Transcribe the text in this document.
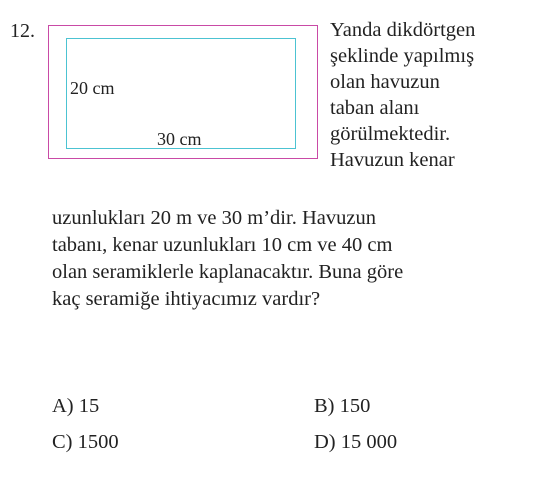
12.
20 cm
30 cm
Yanda dikdörtgen
şeklinde yapılmış
olan havuzun
taban alanı
görülmektedir.
Havuzun kenar
uzunlukları 20 m ve 30 m’dir. Havuzun
tabanı, kenar uzunlukları 10 cm ve 40 cm
olan seramiklerle kaplanacaktır. Buna göre
kaç seramiğe ihtiyacımız vardır?
A) 15	B) 150
C) 1500	D) 15 000
